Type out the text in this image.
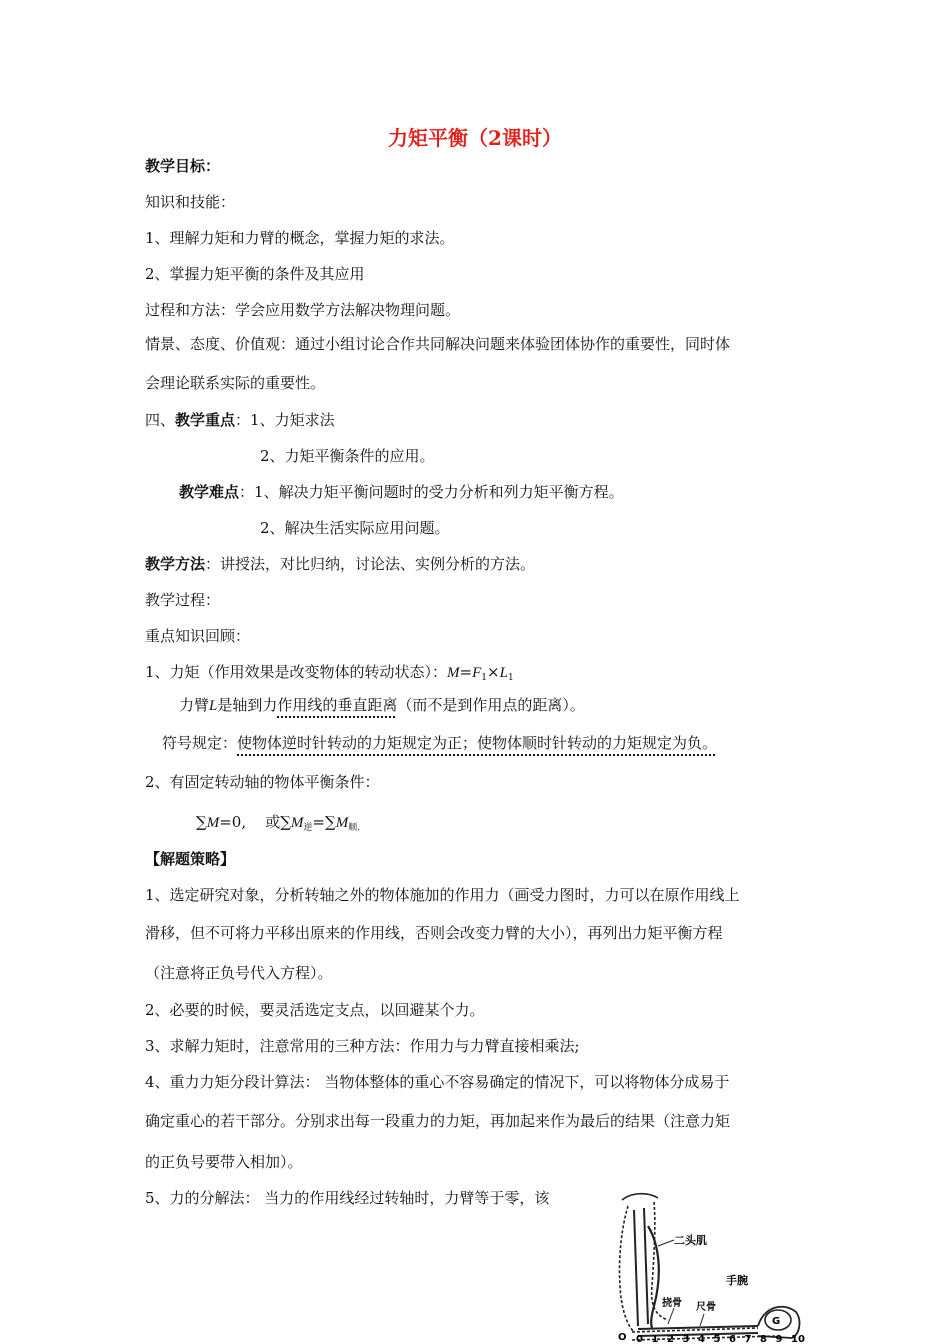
力矩平衡（2课时）
教学目标：
知识和技能：
1、理解力矩和力臂的概念，掌握力矩的求法。
2、掌握力矩平衡的条件及其应用
过程和方法：学会应用数学方法解决物理问题。
情景、态度、价值观：通过小组讨论合作共同解决问题来体验团体协作的重要性，同时体
会理论联系实际的重要性。
四、教学重点：1、力矩求法
2、力矩平衡条件的应用。
教学难点：1、解决力矩平衡问题时的受力分析和列力矩平衡方程。
2、解决生活实际应用问题。
教学方法：讲授法，对比归纳，讨论法、实例分析的方法。
教学过程：
重点知识回顾：
1、力矩（作用效果是改变物体的转动状态）：$M=F_1\times L_1$
力臂L是轴到力作用线的垂直距离（而不是到作用点的距离）。
符号规定：使物体逆时针转动的力矩规定为正；使物体顺时针转动的力矩规定为负。
2、有固定转动轴的物体平衡条件：
∑M=0, 或$\sum M_逆=\sum M_{顺.}$
【解题策略】
1、选定研究对象，分析转轴之外的物体施加的作用力（画受力图时，力可以在原作用线上
滑移，但不可将力平移出原来的作用线，否则会改变力臂的大小），再列出力矩平衡方程
（注意将正负号代入方程）。
2、必要的时候，要灵活选定支点，以回避某个力。
3、求解力矩时，注意常用的三种方法：作用力与力臂直接相乘法;
4、重力力矩分段计算法： 当物体整体的重心不容易确定的情况下，可以将物体分成易于
确定重心的若干部分。分别求出每一段重力的力矩，再加起来作为最后的结果（注意力矩
的正负号要带入相加）。
5、力的分解法： 当力的作用线经过转轴时，力臂等于零，该
二头肌
手腕
挠骨 尺骨
G
O 0 1 2 3 4 5 6 7 8 9 10
